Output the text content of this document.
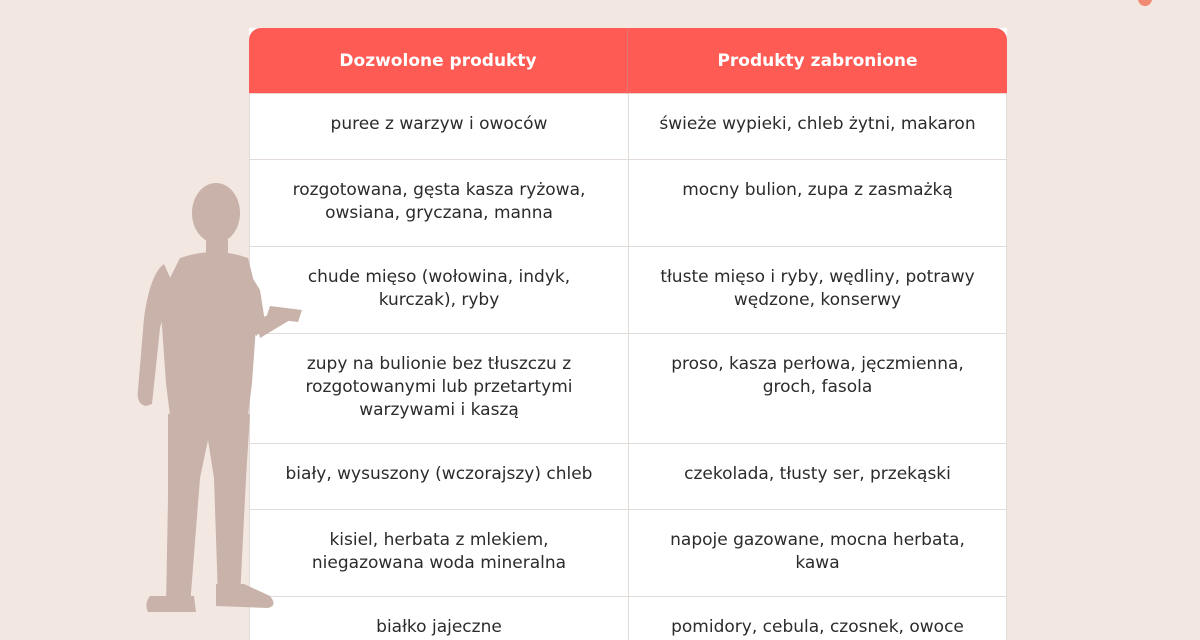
Dozwolone produkty	Produkty zabronione
puree z warzyw i owoców	świeże wypieki, chleb żytni, makaron
rozgotowana, gęsta kasza ryżowa, owsiana, gryczana, manna	mocny bulion, zupa z zasmażką
chude mięso (wołowina, indyk, kurczak), ryby	tłuste mięso i ryby, wędliny, potrawy wędzone, konserwy
zupy na bulionie bez tłuszczu z rozgotowanymi lub przetartymi warzywami i kaszą	proso, kasza perłowa, jęczmienna, groch, fasola
biały, wysuszony (wczorajszy) chleb	czekolada, tłusty ser, przekąski
kisiel, herbata z mlekiem, niegazowana woda mineralna	napoje gazowane, mocna herbata, kawa
białko jajeczne	pomidory, cebula, czosnek, owoce
